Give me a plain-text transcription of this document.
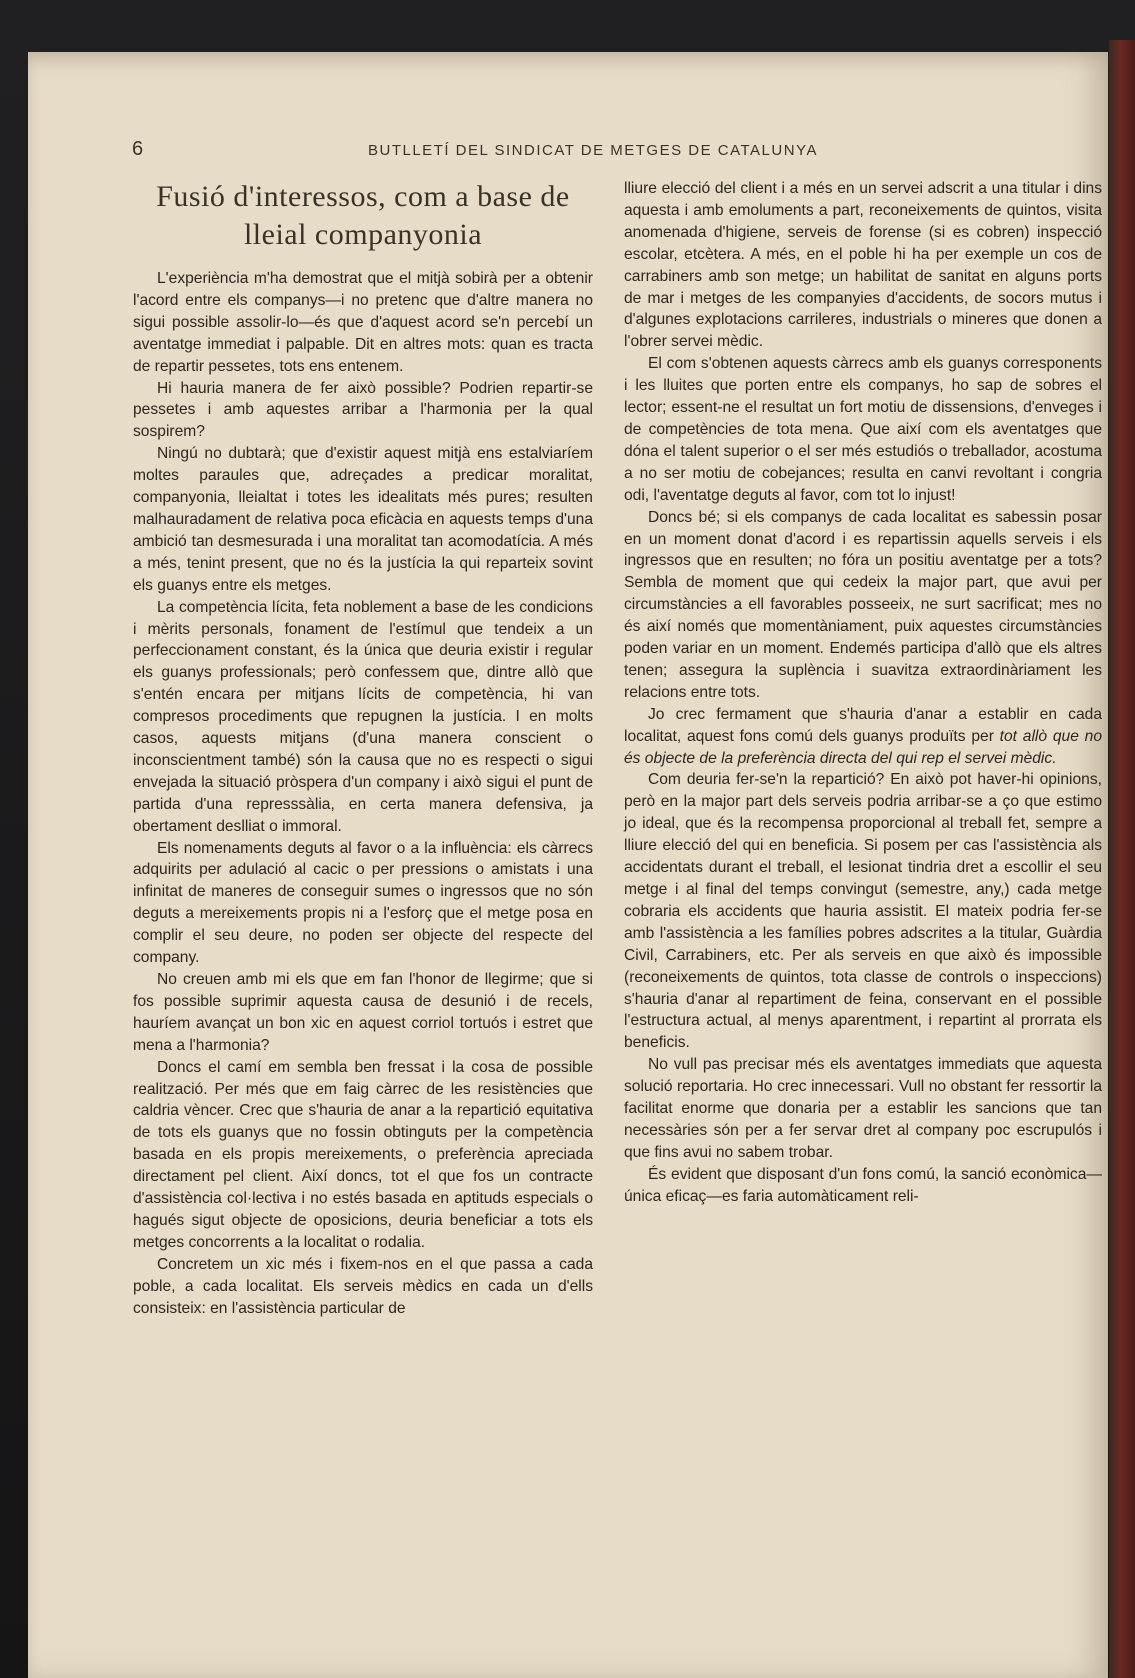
6	BUTLLETÍ DEL SINDICAT DE METGES DE CATALUNYA
Fusió d'interessos, com a base de lleial companyonia

L'experiència m'ha demostrat que el mitjà sobirà per a obtenir l'acord entre els companys—i no pretenc que d'altre manera no sigui possible assolir-lo—és que d'aquest acord se'n percebí un aventatge immediat i palpable. Dit en altres mots: quan es tracta de repartir pessetes, tots ens entenem.

Hi hauria manera de fer això possible? Podrien repartir-se pessetes i amb aquestes arribar a l'harmonia per la qual sospirem?

Ningú no dubtarà; que d'existir aquest mitjà ens estalviaríem moltes paraules que, adreçades a predicar moralitat, companyonia, lleialtat i totes les idealitats més pures; resulten malhauradament de relativa poca eficàcia en aquests temps d'una ambició tan desmesurada i una moralitat tan acomodatícia. A més a més, tenint present, que no és la justícia la qui reparteix sovint els guanys entre els metges.

La competència lícita, feta noblement a base de les condicions i mèrits personals, fonament de l'estímul que tendeix a un perfeccionament constant, és la única que deuria existir i regular els guanys professionals; però confessem que, dintre allò que s'entén encara per mitjans lícits de competència, hi van compresos procediments que repugnen la justícia. I en molts casos, aquests mitjans (d'una manera conscient o inconscientment també) són la causa que no es respecti o sigui envejada la situació pròspera d'un company i això sigui el punt de partida d'una represssàlia, en certa manera defensiva, ja obertament deslliat o immoral.

Els nomenaments deguts al favor o a la influència: els càrrecs adquirits per adulació al cacic o per pressions o amistats i una infinitat de maneres de conseguir sumes o ingressos que no són deguts a mereixements propis ni a l'esforç que el metge posa en complir el seu deure, no poden ser objecte del respecte del company.

No creuen amb mi els que em fan l'honor de llegirme; que si fos possible suprimir aquesta causa de desunió i de recels, hauríem avançat un bon xic en aquest corriol tortuós i estret que mena a l'harmonia?

Doncs el camí em sembla ben fressat i la cosa de possible realització. Per més que em faig càrrec de les resistències que caldria vèncer. Crec que s'hauria de anar a la repartició equitativa de tots els guanys que no fossin obtinguts per la competència basada en els propis mereixements, o preferència apreciada directament pel client. Així doncs, tot el que fos un contracte d'assistència col·lectiva i no estés basada en aptituds especials o hagués sigut objecte de oposicions, deuria beneficiar a tots els metges concorrents a la localitat o rodalia.

Concretem un xic més i fixem-nos en el que passa a cada poble, a cada localitat. Els serveis mèdics en cada un d'ells consisteix: en l'assistència particular de

lliure elecció del client i a més en un servei adscrit a una titular i dins aquesta i amb emoluments a part, reconeixements de quintos, visita anomenada d'higiene, serveis de forense (si es cobren) inspecció escolar, etcètera. A més, en el poble hi ha per exemple un cos de carrabiners amb son metge; un habilitat de sanitat en alguns ports de mar i metges de les companyies d'accidents, de socors mutus i d'algunes explotacions carrileres, industrials o mineres que donen a l'obrer servei mèdic.

El com s'obtenen aquests càrrecs amb els guanys corresponents i les lluites que porten entre els companys, ho sap de sobres el lector; essent-ne el resultat un fort motiu de dissensions, d'enveges i de competències de tota mena. Que així com els aventatges que dóna el talent superior o el ser més estudiós o treballador, acostuma a no ser motiu de cobejances; resulta en canvi revoltant i congria odi, l'aventatge deguts al favor, com tot lo injust!

Doncs bé; si els companys de cada localitat es sabessin posar en un moment donat d'acord i es repartissin aquells serveis i els ingressos que en resulten; no fóra un positiu aventatge per a tots? Sembla de moment que qui cedeix la major part, que avui per circumstàncies a ell favorables posseeix, ne surt sacrificat; mes no és així només que momentàniament, puix aquestes circumstàncies poden variar en un moment. Endemés participa d'allò que els altres tenen; assegura la suplència i suavitza extraordinàriament les relacions entre tots.

Jo crec fermament que s'hauria d'anar a establir en cada localitat, aquest fons comú dels guanys produïts per tot allò que no és objecte de la preferència directa del qui rep el servei mèdic.

Com deuria fer-se'n la repartició? En això pot haver-hi opinions, però en la major part dels serveis podria arribar-se a ço que estimo jo ideal, que és la recompensa proporcional al treball fet, sempre a lliure elecció del qui en beneficia. Si posem per cas l'assistència als accidentats durant el treball, el lesionat tindria dret a escollir el seu metge i al final del temps convingut (semestre, any,) cada metge cobraria els accidents que hauria assistit. El mateix podria fer-se amb l'assistència a les famílies pobres adscrites a la titular, Guàrdia Civil, Carrabiners, etc. Per als serveis en que això és impossible (reconeixements de quintos, tota classe de controls o inspeccions) s'hauria d'anar al repartiment de feina, conservant en el possible l'estructura actual, al menys aparentment, i repartint al prorrata els beneficis.

No vull pas precisar més els aventatges immediats que aquesta solució reportaria. Ho crec innecessari. Vull no obstant fer ressortir la facilitat enorme que donaria per a establir les sancions que tan necessàries són per a fer servar dret al company poc escrupulós i que fins avui no sabem trobar.

És evident que disposant d'un fons comú, la sanció econòmica—única eficaç—es faria automàticament reli-
